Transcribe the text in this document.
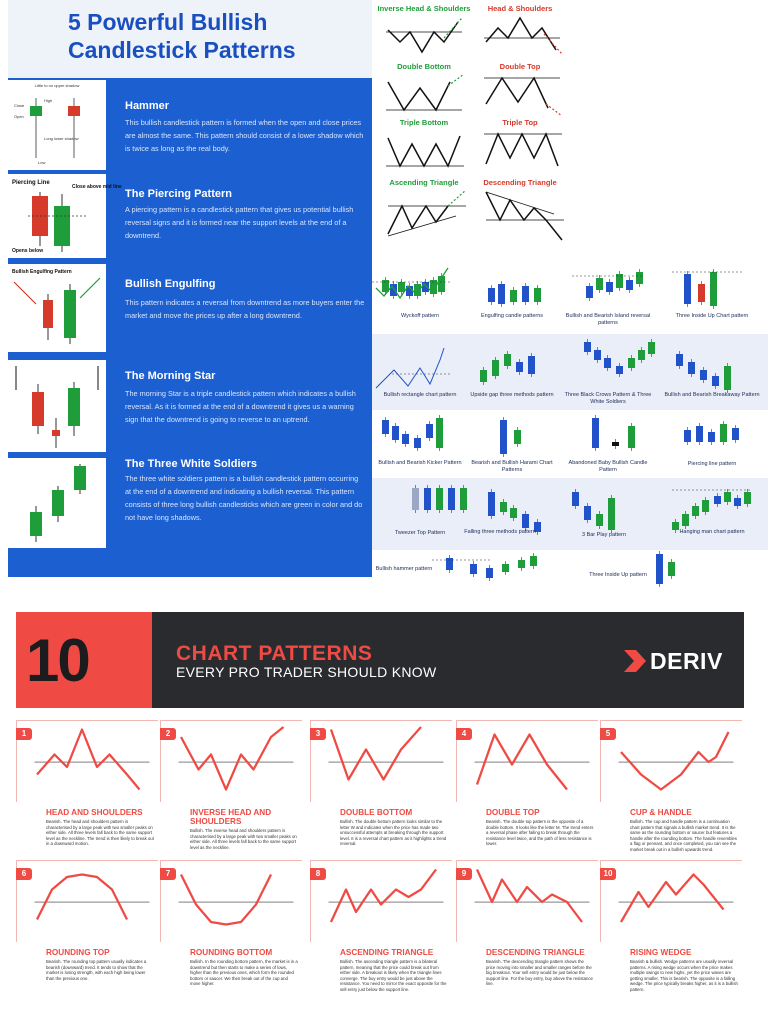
5 Powerful Bullish
Candlestick Patterns
Little to no upper shadow
Close
Open
High
Long lower shadow
Low
Hammer
This bullish candlestick pattern is formed when the open and close prices are almost the same. This pattern should consist of a lower shadow which is twice as long as the real body.
Piercing Line
Close above mid line
Opens below
The Piercing Pattern
A piercing pattern is a candlestick pattern that gives us potential bullish reversal signs and it is formed near the support levels at the end of a downtrend.
Bullish Engulfing Pattern
Bullish Engulfing
This pattern indicates a reversal from downtrend as more buyers enter the market and move the prices up after a long downtrend.
The Morning Star
The morning Star is a triple candlestick pattern which indicates a bullish reversal. As it is formed at the end of a downtrend it gives us a warning sign that the downtrend is going to reverse to an uptrend.
The Three White Soldiers
The three white soldiers pattern is a bullish candlestick pattern occurring at the end of a downtrend and indicating a bullish reversal. This pattern consists of three long bullish candlesticks which are green in color and do not have long shadows.
Inverse Head & Shoulders	Head & Shoulders
Double Bottom	Double Top
Triple Bottom	Triple Top
Ascending Triangle	Descending Triangle
Wyckoff pattern	Engulfing candle patterns	Bullish and Bearish Island reversal patterns
Three Inside Up Chart pattern
Bullish rectangle chart pattern	Upside gap three methods pattern	Three Black Crows Pattern & Three White Soldiers
Bullish and Bearish Breakaway Pattern
Bullish and Bearish Kicker Pattern	Bearish and Bullish Harami Chart Patterns
Abandoned Baby Bullish Candle Pattern
Piercing line pattern
Tweezer Top Pattern	Falling three methods pattern	3 Bar Play pattern	Hanging man chart pattern
Bullish hammer pattern
Three Inside Up pattern
10	CHART PATTERNS
EVERY PRO TRADER SHOULD KNOW	DERIV
1
HEAD AND SHOULDERS
Bearish. The head and shoulders pattern is characterised by a large peak with two smaller peaks on either side. All three levels fall back to the same support level as the neckline. The trend is then likely to break out in a downward motion.
2
INVERSE HEAD AND SHOULDERS
Bullish. The inverse head and shoulders pattern is characterised by a large peak with two smaller peaks on either side. All three levels fall back to the same support level as the neckline.
3
DOUBLE BOTTOM
Bullish. The double bottom pattern looks similar to the letter W and indicates when the price has made two unsuccessful attempts at breaking through the support level. It is a reversal chart pattern as it highlights a trend reversal.
4
DOUBLE TOP
Bearish. The double top pattern is the opposite of a double bottom. It looks like the letter M. The trend enters a reversal phase after failing to break through the resistance level twice, and the path of less resistance is lower.
5
CUP & HANDLE
Bullish. The cup and handle pattern is a continuation chart pattern that signals a bullish market trend. It is the same as the rounding bottom or saucer but features a handle after the rounding bottom. The handle resembles a flag or pennant, and once completed, you can see the market break out in a bullish upwards trend.
6
ROUNDING TOP
Bearish. The rounding top pattern usually indicates a bearish (downward) trend. It tends to show that the market is losing strength, with each high being lower than the previous one.
7
ROUNDING BOTTOM
Bullish. In the rounding bottom pattern, the market is in a downtrend but then starts to make a series of lows, higher than the previous ones, which form the rounded bottom or saucer. We then break out of the cup and move higher.
8
ASCENDING TRIANGLE
Bullish. The ascending triangle pattern is a bilateral pattern, meaning that the price could break out from either side. A breakout is likely when the triangle lines converge. The buy entry would be just above the resistance. You need to mirror the exact opposite for the sell entry just below the support line.
9
DESCENDING TRIANGLE
Bearish. The descending triangle pattern shows the price moving into smaller and smaller ranges before the big breakout. Your sell entry would be just below the support line. For the buy entry, buy above the resistance line.
10
RISING WEDGE
Bearish & bullish. Wedge patterns are usually reversal patterns. A rising wedge occurs when the price makes multiple swings to new highs, yet the price waves are getting smaller. This is bearish. The opposite is a falling wedge. The price typically breaks higher, as it is a bullish pattern.
